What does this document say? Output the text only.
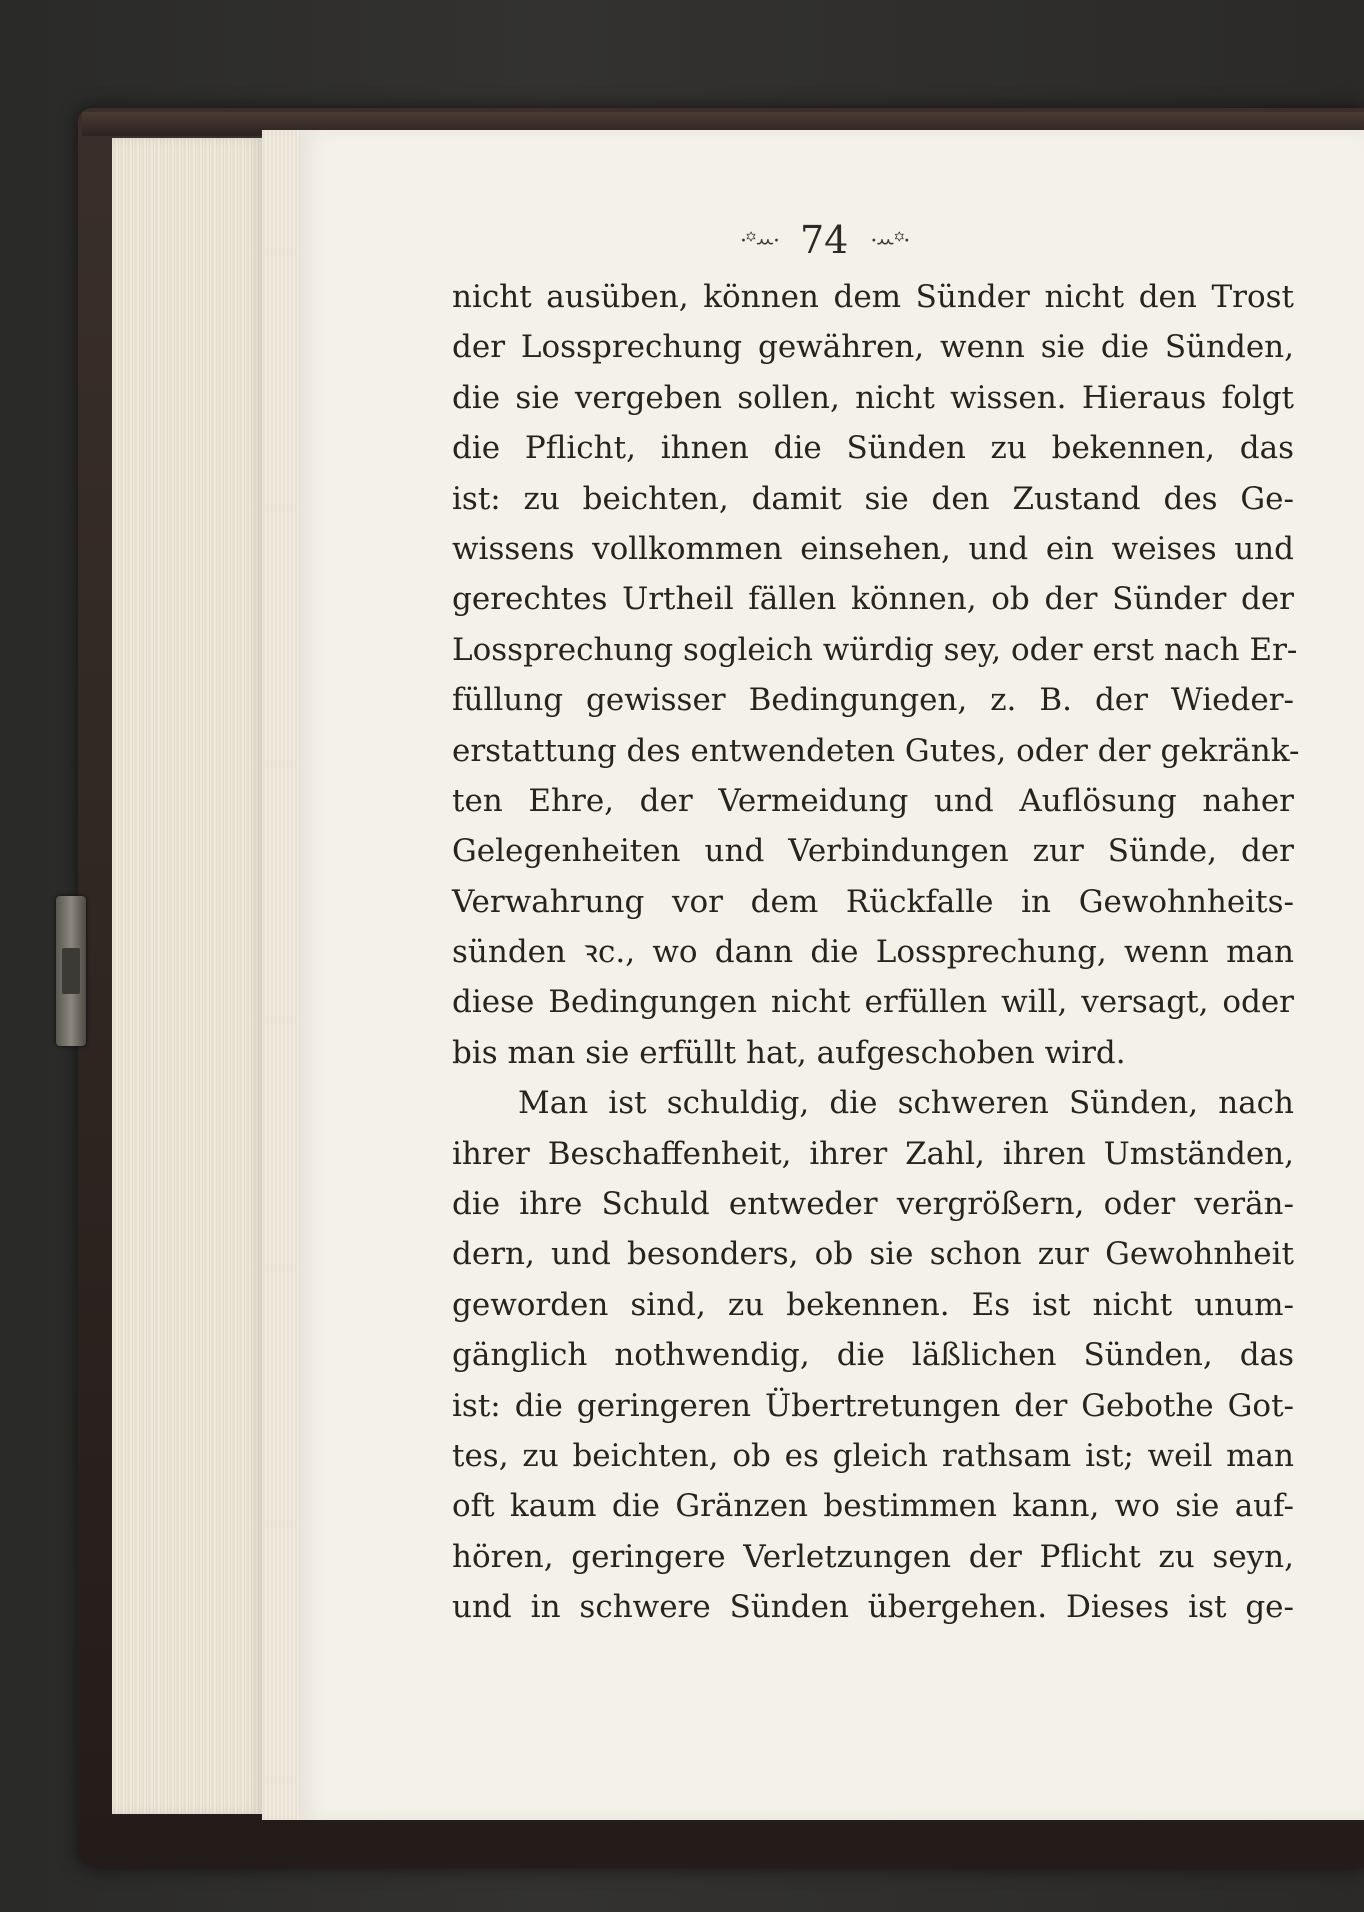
·꙳ꕀ· 74 ·ꕀ꙳·
nicht ausüben, können dem Sünder nicht den Trost
der Lossprechung gewähren, wenn sie die Sünden,
die sie vergeben sollen, nicht wissen. Hieraus folgt
die Pflicht, ihnen die Sünden zu bekennen, das
ist: zu beichten, damit sie den Zustand des Ge-
wissens vollkommen einsehen, und ein weises und
gerechtes Urtheil fällen können, ob der Sünder der
Lossprechung sogleich würdig sey, oder erst nach Er-
füllung gewisser Bedingungen, z. B. der Wieder-
erstattung des entwendeten Gutes, oder der gekränk-
ten Ehre, der Vermeidung und Auflösung naher
Gelegenheiten und Verbindungen zur Sünde, der
Verwahrung vor dem Rückfalle in Gewohnheits-
sünden ꝛc., wo dann die Lossprechung, wenn man
diese Bedingungen nicht erfüllen will, versagt, oder
bis man sie erfüllt hat, aufgeschoben wird.
Man ist schuldig, die schweren Sünden, nach
ihrer Beschaffenheit, ihrer Zahl, ihren Umständen,
die ihre Schuld entweder vergrößern, oder verän-
dern, und besonders, ob sie schon zur Gewohnheit
geworden sind, zu bekennen. Es ist nicht unum-
gänglich nothwendig, die läßlichen Sünden, das
ist: die geringeren Übertretungen der Gebothe Got-
tes, zu beichten, ob es gleich rathsam ist; weil man
oft kaum die Gränzen bestimmen kann, wo sie auf-
hören, geringere Verletzungen der Pflicht zu seyn,
und in schwere Sünden übergehen. Dieses ist ge-
